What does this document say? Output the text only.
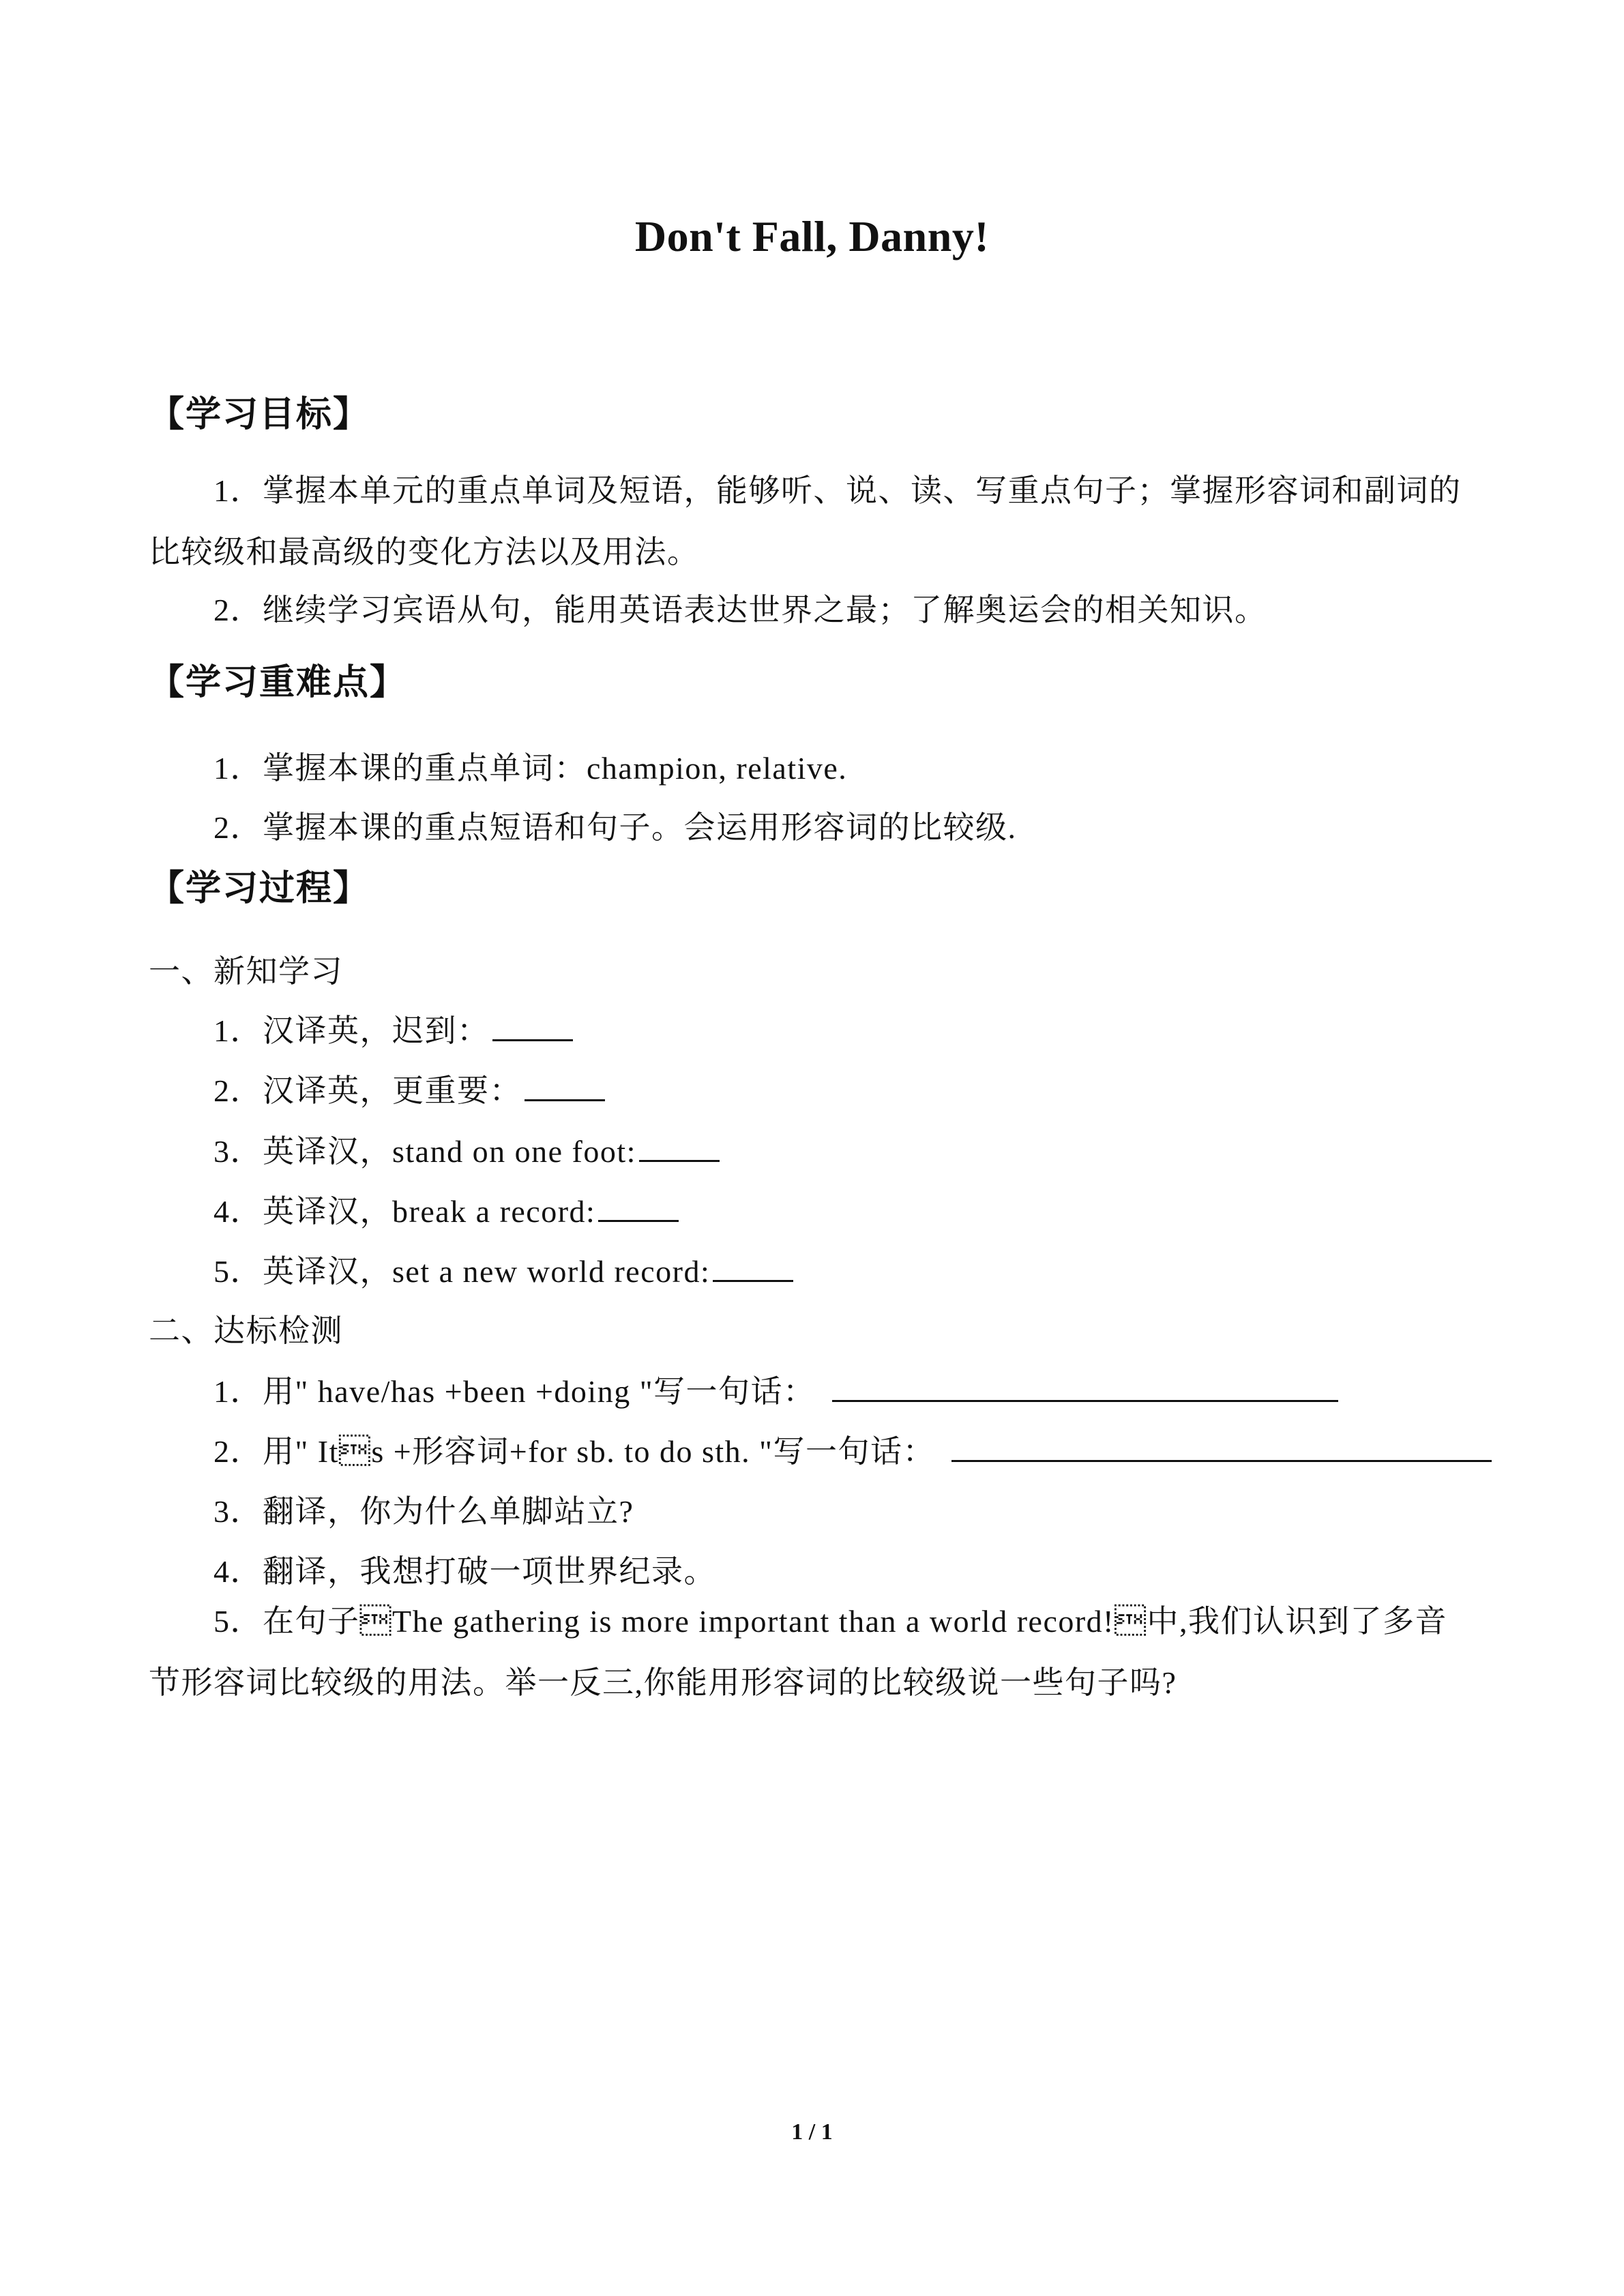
Don't Fall, Danny!
【学习目标】
1．掌握本单元的重点单词及短语，能够听、说、读、写重点句子；掌握形容词和副词的比较级和最高级的变化方法以及用法。
2．继续学习宾语从句，能用英语表达世界之最；了解奥运会的相关知识。
【学习重难点】
1．掌握本课的重点单词：champion, relative.
2．掌握本课的重点短语和句子。会运用形容词的比较级.
【学习过程】
一、新知学习
1．汉译英，迟到：
2．汉译英，更重要：
3．英译汉，stand on one foot:
4．英译汉，break a record:
5．英译汉，set a new world record:
二、达标检测
1．用" have/has +been +doing "写一句话：
2．用" Its +形容词+for sb. to do sth. "写一句话：
3．翻译，你为什么单脚站立?
4．翻译，我想打破一项世界纪录。
5．在句子The gathering is more important than a world record!中,我们认识到了多音节形容词比较级的用法。举一反三,你能用形容词的比较级说一些句子吗?
1 / 1
